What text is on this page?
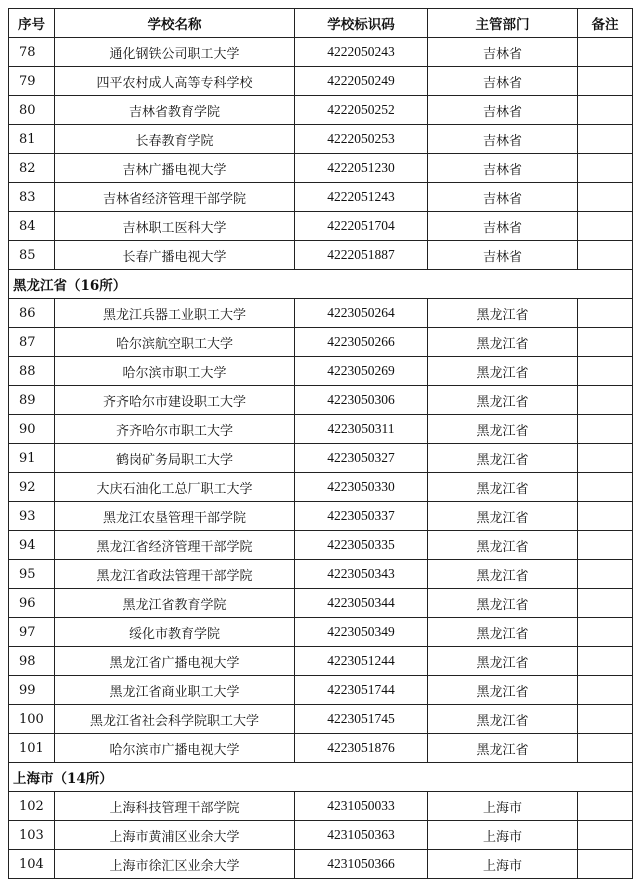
序号	学校名称	学校标识码	主管部门	备注
78	通化钢铁公司职工大学	4222050243	吉林省	
79	四平农村成人高等专科学校	4222050249	吉林省	
80	吉林省教育学院	4222050252	吉林省	
81	长春教育学院	4222050253	吉林省	
82	吉林广播电视大学	4222051230	吉林省	
83	吉林省经济管理干部学院	4222051243	吉林省	
84	吉林职工医科大学	4222051704	吉林省	
85	长春广播电视大学	4222051887	吉林省	
黑龙江省（16所）				
86	黑龙江兵器工业职工大学	4223050264	黑龙江省	
87	哈尔滨航空职工大学	4223050266	黑龙江省	
88	哈尔滨市职工大学	4223050269	黑龙江省	
89	齐齐哈尔市建设职工大学	4223050306	黑龙江省	
90	齐齐哈尔市职工大学	4223050311	黑龙江省	
91	鹤岗矿务局职工大学	4223050327	黑龙江省	
92	大庆石油化工总厂职工大学	4223050330	黑龙江省	
93	黑龙江农垦管理干部学院	4223050337	黑龙江省	
94	黑龙江省经济管理干部学院	4223050335	黑龙江省	
95	黑龙江省政法管理干部学院	4223050343	黑龙江省	
96	黑龙江省教育学院	4223050344	黑龙江省	
97	绥化市教育学院	4223050349	黑龙江省	
98	黑龙江省广播电视大学	4223051244	黑龙江省	
99	黑龙江省商业职工大学	4223051744	黑龙江省	
100	黑龙江省社会科学院职工大学	4223051745	黑龙江省	
101	哈尔滨市广播电视大学	4223051876	黑龙江省	
上海市（14所）				
102	上海科技管理干部学院	4231050033	上海市	
103	上海市黄浦区业余大学	4231050363	上海市	
104	上海市徐汇区业余大学	4231050366	上海市	
